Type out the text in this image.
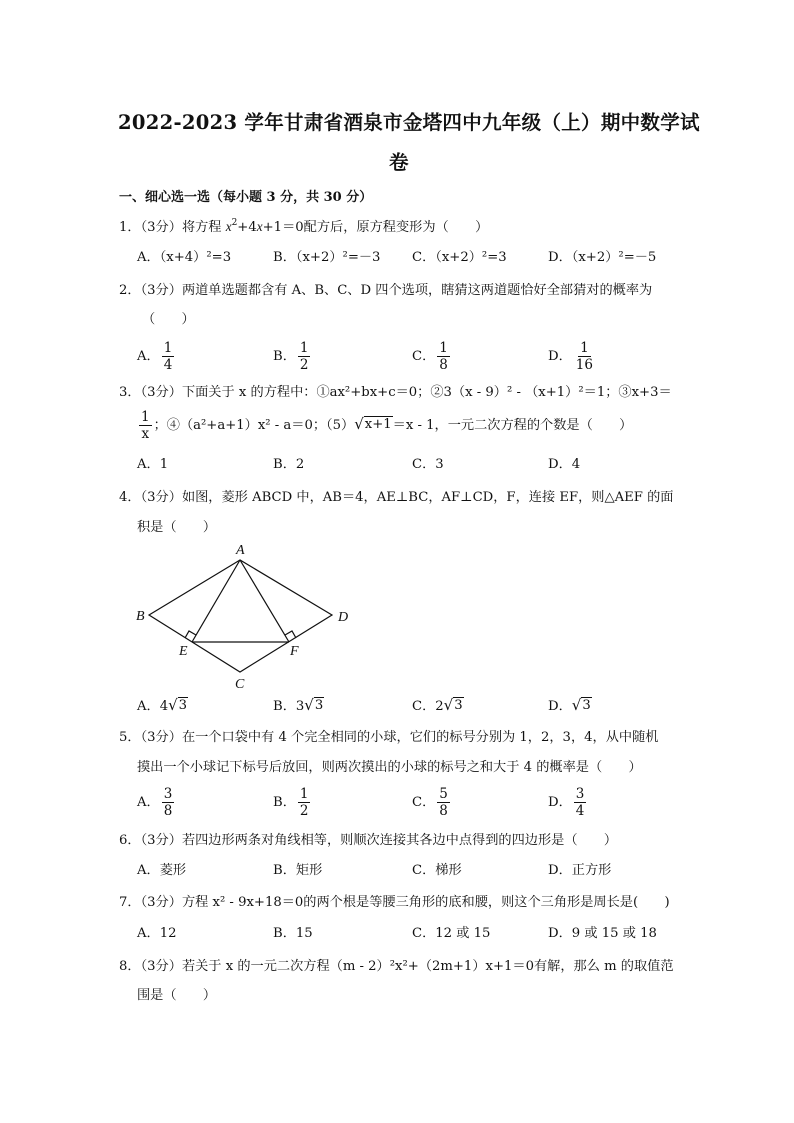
2022-2023 学年甘肃省酒泉市金塔四中九年级（上）期中数学试
卷
一、细心选一选（每小题 3 分，共 30 分）
1．（3分）将方程 $x^2+4x+1=0$配方后，原方程变形为（　　）
A．（x+4）²=3	B．（x+2）²=－3 C．（x+2）²=3	D．（x+2）²=－5
2．（3分）两道单选题都含有 A、B、C、D 四个选项，瞎猜这两道题恰好全部猜对的概率为
（　　）
A． $\frac{1}{4}$	B． $\frac{1}{2}$	C． $\frac{1}{8}$	D． $\frac{1}{16}$
3．（3分）下面关于 x 的方程中：①ax²+bx+c＝0；②3（x - 9）² - （x+1）²＝1；③x+3＝
$\frac{1}{x}$ ；④（a²+a+1）x² - a＝0；（5） √ x+1 ＝x - 1，一元二次方程的个数是（　　）
A．1	B．2	C．3	D．4
4．（3分）如图，菱形 ABCD 中，AB＝4，AE⊥BC，AF⊥CD，F，连接 EF，则△AEF 的面
积是（　　）
A
B	D
E	F
C
A．4 √ 3	B．3 √ 3	C．2 √ 3	D． √ 3
5．（3分）在一个口袋中有 4 个完全相同的小球，它们的标号分别为 1，2，3，4，从中随机
摸出一个小球记下标号后放回，则两次摸出的小球的标号之和大于 4 的概率是（　　）
A． $\frac{3}{8}$	B． $\frac{1}{2}$	C． $\frac{5}{8}$	D． $\frac{3}{4}$
6．（3分）若四边形两条对角线相等，则顺次连接其各边中点得到的四边形是（　　）
A．菱形	B．矩形	C．梯形	D．正方形
7．（3分）方程 x² - 9x+18＝0的两个根是等腰三角形的底和腰，则这个三角形是周长是(　　)
A．12	B．15	C．12 或 15	D．9 或 15 或 18
8．（3分）若关于 x 的一元二次方程（m - 2）²x²+（2m+1）x+1＝0有解，那么 m 的取值范
围是（　　）
